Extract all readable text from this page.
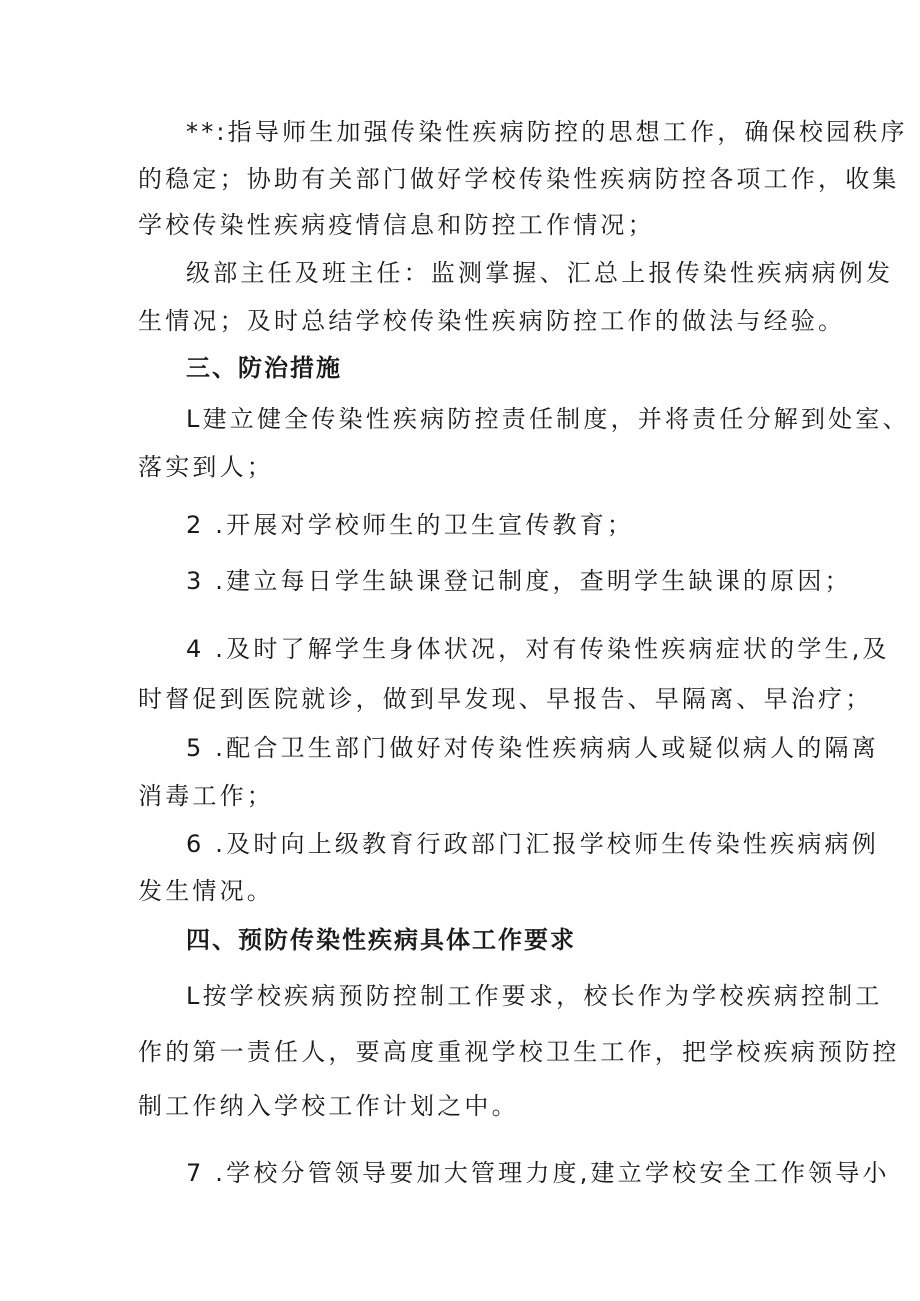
**:指导师生加强传染性疾病防控的思想工作，确保校园秩序
的稳定；协助有关部门做好学校传染性疾病防控各项工作，收集
学校传染性疾病疫情信息和防控工作情况；
级部主任及班主任：监测掌握、汇总上报传染性疾病病例发
生情况；及时总结学校传染性疾病防控工作的做法与经验。
三、防治措施
L建立健全传染性疾病防控责任制度，并将责任分解到处室、
落实到人；
2 .开展对学校师生的卫生宣传教育；
3 .建立每日学生缺课登记制度，查明学生缺课的原因；
4 .及时了解学生身体状况，对有传染性疾病症状的学生,及
时督促到医院就诊，做到早发现、早报告、早隔离、早治疗；
5 .配合卫生部门做好对传染性疾病病人或疑似病人的隔离
消毒工作；
6 .及时向上级教育行政部门汇报学校师生传染性疾病病例
发生情况。
四、预防传染性疾病具体工作要求
L按学校疾病预防控制工作要求，校长作为学校疾病控制工
作的第一责任人，要高度重视学校卫生工作，把学校疾病预防控
制工作纳入学校工作计划之中。
7 .学校分管领导要加大管理力度,建立学校安全工作领导小
